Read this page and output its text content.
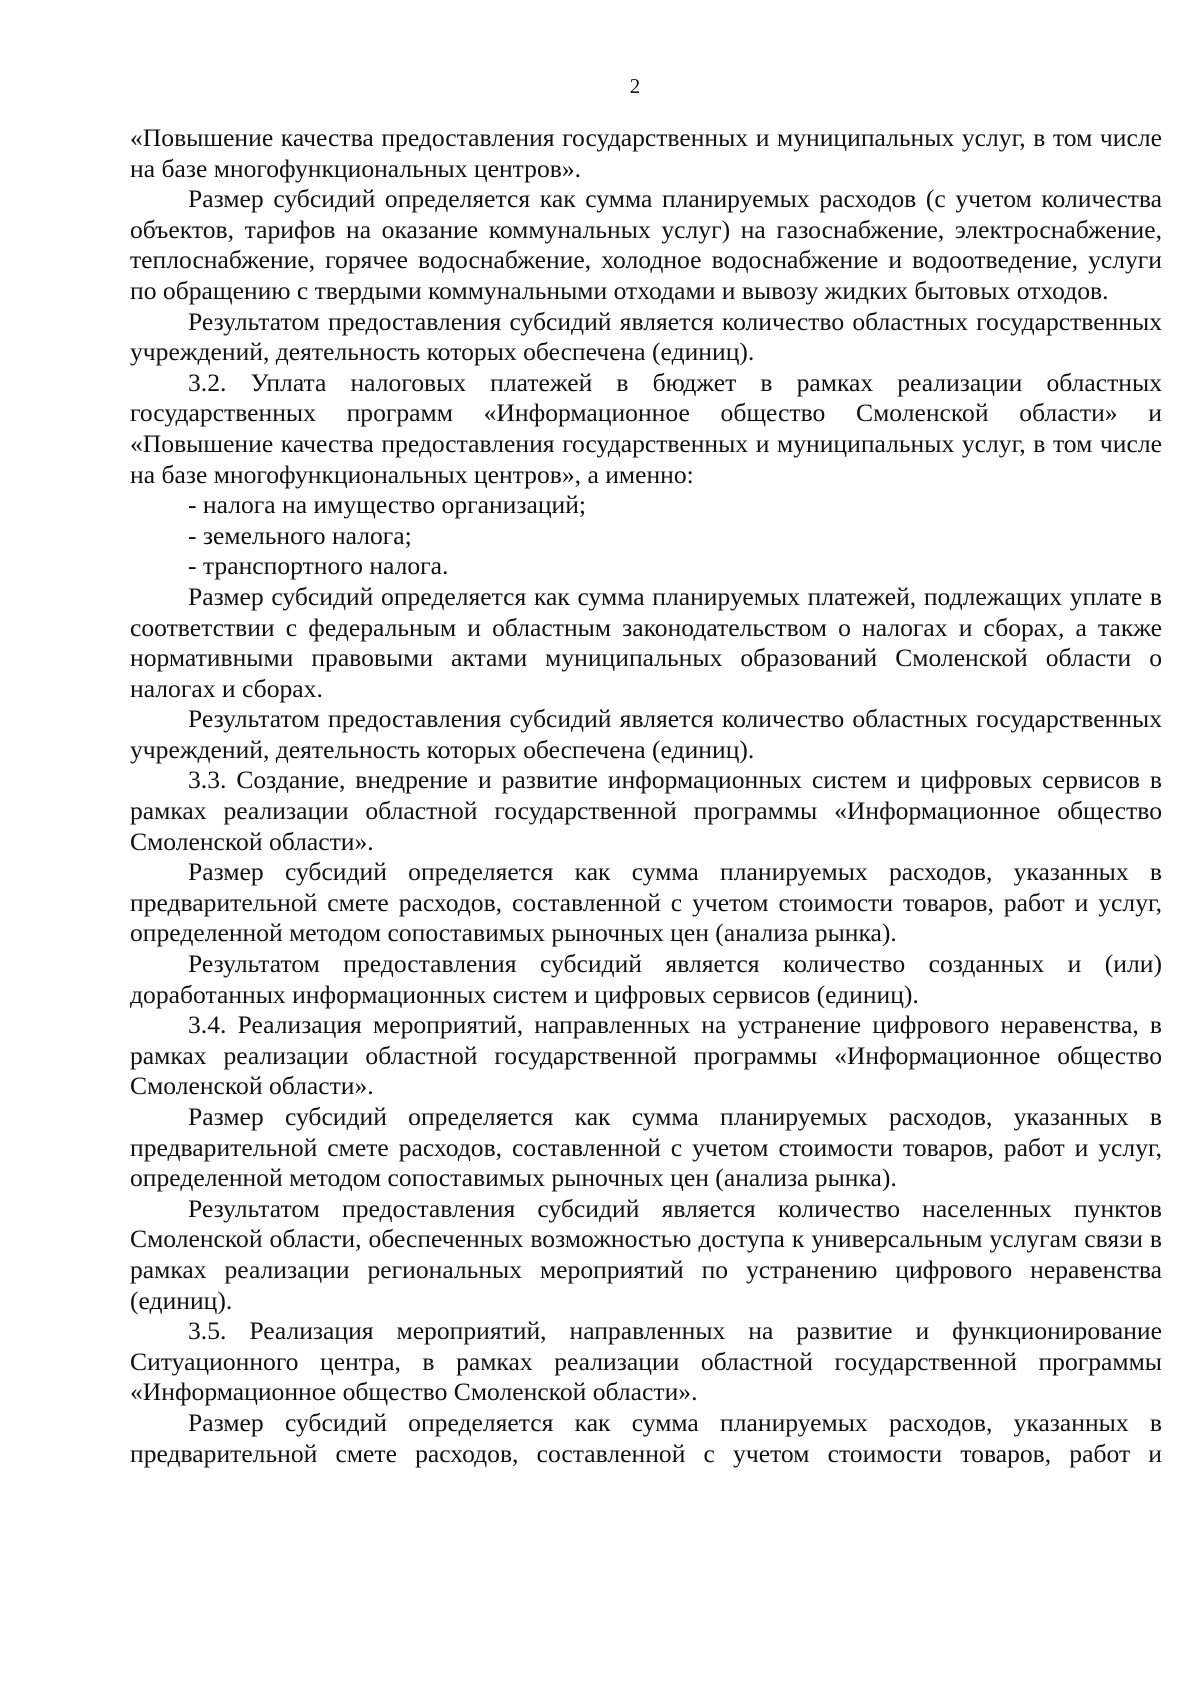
2

«Повышение качества предоставления государственных и муниципальных услуг, в том числе на базе многофункциональных центров».

Размер субсидий определяется как сумма планируемых расходов (с учетом количества объектов, тарифов на оказание коммунальных услуг) на газоснабжение, электроснабжение, теплоснабжение, горячее водоснабжение, холодное водоснабжение и водоотведение, услуги по обращению с твердыми коммунальными отходами и вывозу жидких бытовых отходов.

Результатом предоставления субсидий является количество областных государственных учреждений, деятельность которых обеспечена (единиц).

3.2. Уплата налоговых платежей в бюджет в рамках реализации областных государственных программ «Информационное общество Смоленской области» и «Повышение качества предоставления государственных и муниципальных услуг, в том числе на базе многофункциональных центров», а именно:

- налога на имущество организаций;

- земельного налога;

- транспортного налога.

Размер субсидий определяется как сумма планируемых платежей, подлежащих уплате в соответствии с федеральным и областным законодательством о налогах и сборах, а также нормативными правовыми актами муниципальных образований Смоленской области о налогах и сборах.

Результатом предоставления субсидий является количество областных государственных учреждений, деятельность которых обеспечена (единиц).

3.3. Создание, внедрение и развитие информационных систем и цифровых сервисов в рамках реализации областной государственной программы «Информационное общество Смоленской области».

Размер субсидий определяется как сумма планируемых расходов, указанных в предварительной смете расходов, составленной с учетом стоимости товаров, работ и услуг, определенной методом сопоставимых рыночных цен (анализа рынка).

Результатом предоставления субсидий является количество созданных и (или) доработанных информационных систем и цифровых сервисов (единиц).

3.4. Реализация мероприятий, направленных на устранение цифрового неравенства, в рамках реализации областной государственной программы «Информационное общество Смоленской области».

Размер субсидий определяется как сумма планируемых расходов, указанных в предварительной смете расходов, составленной с учетом стоимости товаров, работ и услуг, определенной методом сопоставимых рыночных цен (анализа рынка).

Результатом предоставления субсидий является количество населенных пунктов Смоленской области, обеспеченных возможностью доступа к универсальным услугам связи в рамках реализации региональных мероприятий по устранению цифрового неравенства (единиц).

3.5. Реализация мероприятий, направленных на развитие и функционирование Ситуационного центра, в рамках реализации областной государственной программы «Информационное общество Смоленской области».

Размер субсидий определяется как сумма планируемых расходов, указанных в предварительной смете расходов, составленной с учетом стоимости товаров, работ и
